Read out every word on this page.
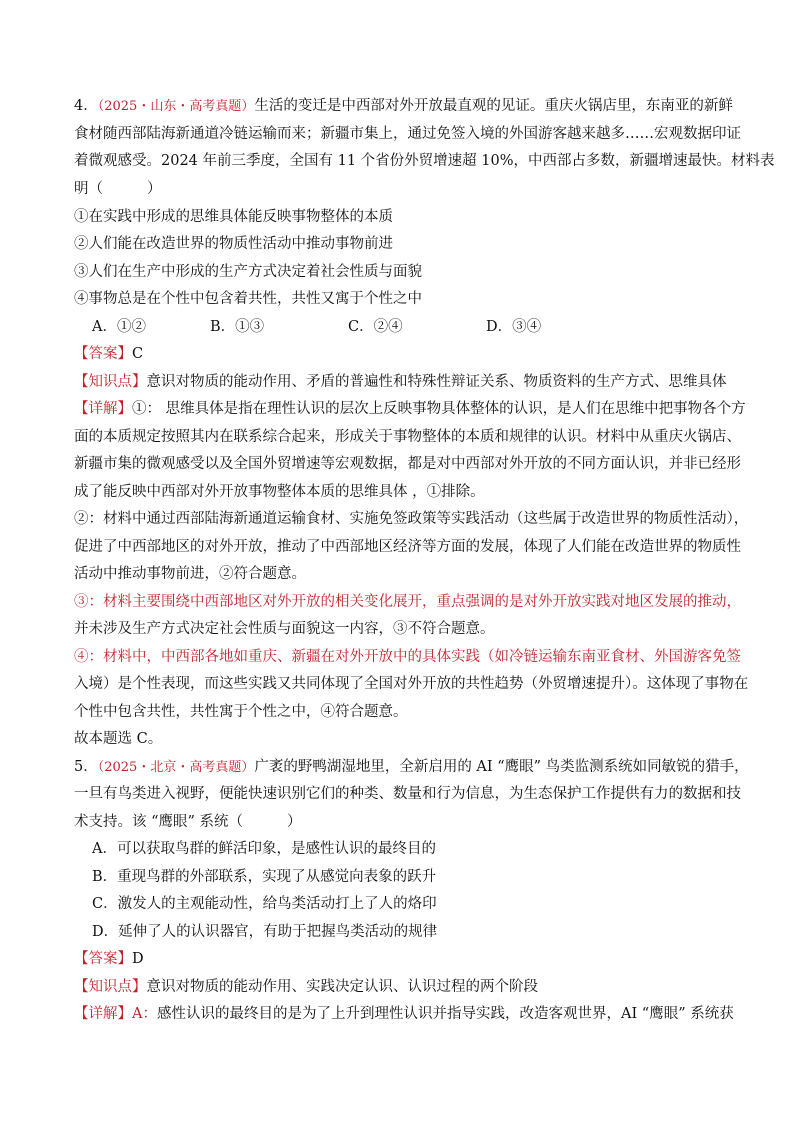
4．（2025・山东・高考真题）生活的变迁是中西部对外开放最直观的见证。重庆火锅店里，东南亚的新鲜
食材随西部陆海新通道冷链运输而来；新疆市集上，通过免签入境的外国游客越来越多……宏观数据印证
着微观感受。2024 年前三季度，全国有 11 个省份外贸增速超 10%，中西部占多数，新疆增速最快。材料表
明（	）
①在实践中形成的思维具体能反映事物整体的本质
②人们能在改造世界的物质性活动中推动事物前进
③人们在生产中形成的生产方式决定着社会性质与面貌
④事物总是在个性中包含着共性，共性又寓于个性之中
A．①②	B．①③	C．②④	D．③④
【答案】C
【知识点】意识对物质的能动作用、矛盾的普遍性和特殊性辩证关系、物质资料的生产方式、思维具体
【详解】①： 思维具体是指在理性认识的层次上反映事物具体整体的认识，是人们在思维中把事物各个方
面的本质规定按照其内在联系综合起来，形成关于事物整体的本质和规律的认识。材料中从重庆火锅店、
新疆市集的微观感受以及全国外贸增速等宏观数据，都是对中西部对外开放的不同方面认识，并非已经形
成了能反映中西部对外开放事物整体本质的思维具体 ，①排除。
②：材料中通过西部陆海新通道运输食材、实施免签政策等实践活动（这些属于改造世界的物质性活动），
促进了中西部地区的对外开放，推动了中西部地区经济等方面的发展，体现了人们能在改造世界的物质性
活动中推动事物前进，②符合题意。
③：材料主要围绕中西部地区对外开放的相关变化展开，重点强调的是对外开放实践对地区发展的推动，
并未涉及生产方式决定社会性质与面貌这一内容，③不符合题意。
④：材料中，中西部各地如重庆、新疆在对外开放中的具体实践（如冷链运输东南亚食材、外国游客免签
入境）是个性表现，而这些实践又共同体现了全国对外开放的共性趋势（外贸增速提升）。这体现了事物在
个性中包含共性，共性寓于个性之中，④符合题意。
故本题选 C。
5．（2025・北京・高考真题）广袤的野鸭湖湿地里，全新启用的 AI “鹰眼” 鸟类监测系统如同敏锐的猎手，
一旦有鸟类进入视野，便能快速识别它们的种类、数量和行为信息，为生态保护工作提供有力的数据和技
术支持。该 “鹰眼” 系统（	）
A．可以获取鸟群的鲜活印象，是感性认识的最终目的
B．重现鸟群的外部联系，实现了从感觉向表象的跃升
C．激发人的主观能动性，给鸟类活动打上了人的烙印
D．延伸了人的认识器官，有助于把握鸟类活动的规律
【答案】D
【知识点】意识对物质的能动作用、实践决定认识、认识过程的两个阶段
【详解】A：感性认识的最终目的是为了上升到理性认识并指导实践，改造客观世界，AI “鹰眼” 系统获
